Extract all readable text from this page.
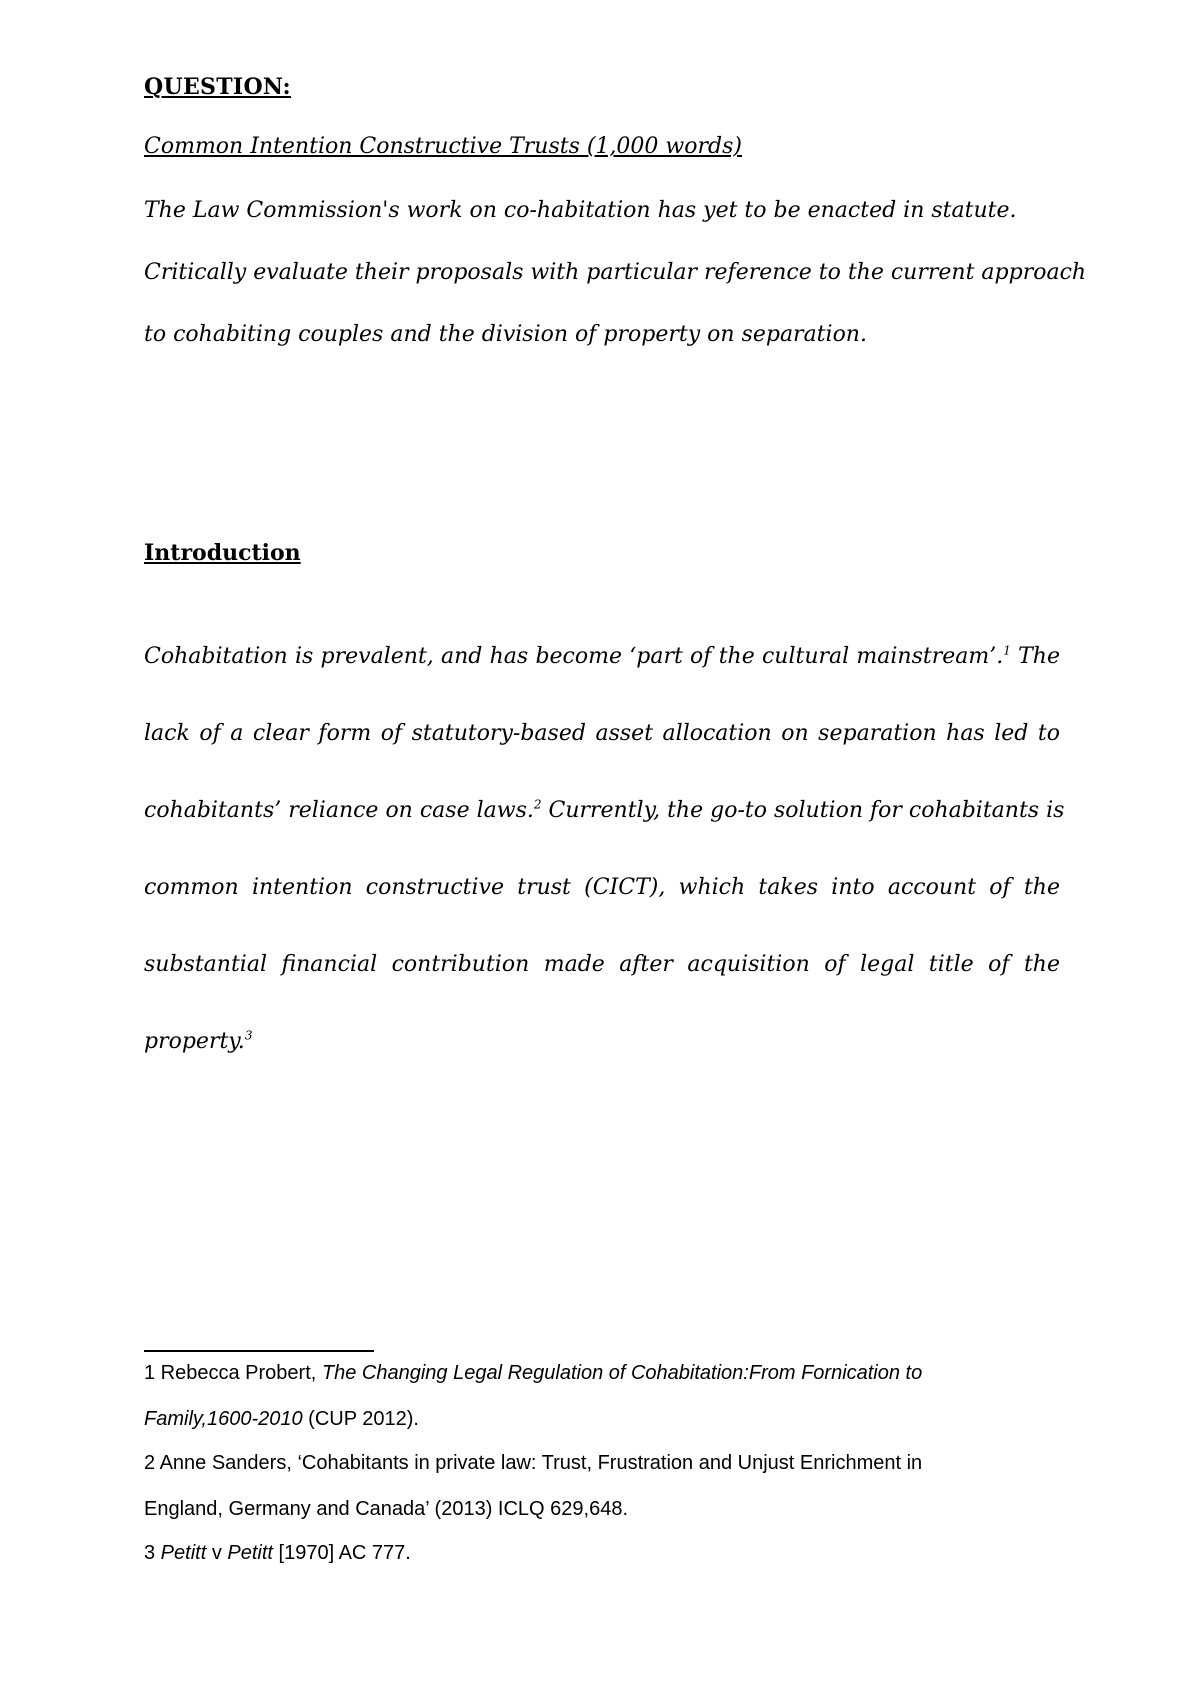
QUESTION:
Common Intention Constructive Trusts (1,000 words)
The Law Commission's work on co-habitation has yet to be enacted in statute.
Critically evaluate their proposals with particular reference to the current approach
to cohabiting couples and the division of property on separation.
Introduction
Cohabitation is prevalent, and has become ‘part of the cultural mainstream’.$^1$ The
lack of a clear form of statutory-based asset allocation on separation has led to
cohabitants’ reliance on case laws.$^2$ Currently, the go-to solution for cohabitants is
common intention constructive trust (CICT), which takes into account of the
substantial financial contribution made after acquisition of legal title of the
property.$^3$
1 Rebecca Probert, The Changing Legal Regulation of Cohabitation:From Fornication to
Family,1600-2010 (CUP 2012).
2 Anne Sanders, ‘Cohabitants in private law: Trust, Frustration and Unjust Enrichment in
England, Germany and Canada’ (2013) ICLQ 629,648.
3 Petitt v Petitt [1970] AC 777.
